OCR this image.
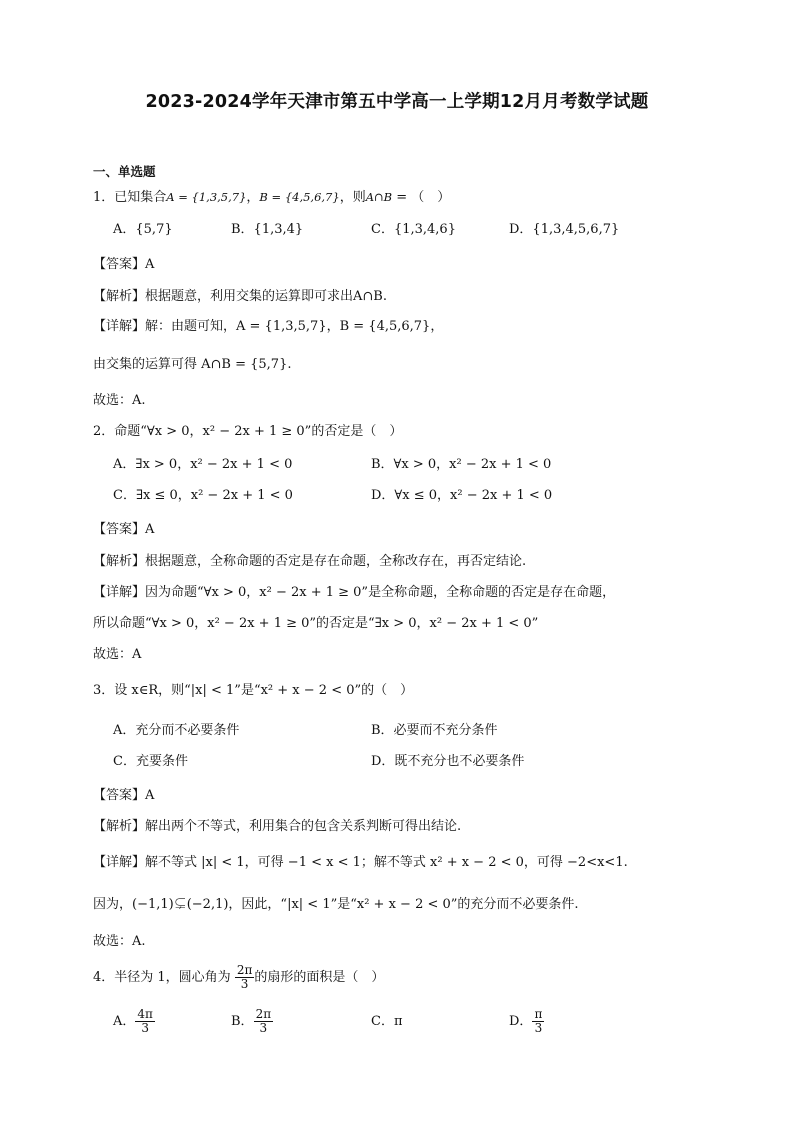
2023-2024学年天津市第五中学高一上学期12月月考数学试题
一、单选题
1．已知集合A = {1,3,5,7}，B = {4,5,6,7}，则A∩B = （　）
A．{5,7}	B．{1,3,4}	C．{1,3,4,6}	D．{1,3,4,5,6,7}
【答案】A
【解析】根据题意，利用交集的运算即可求出A∩B.
【详解】解：由题可知，A = {1,3,5,7}，B = {4,5,6,7}，
由交集的运算可得 A∩B = {5,7}.
故选：A.
2．命题“∀x > 0，x² − 2x + 1 ≥ 0”的否定是（　）
A．∃x > 0，x² − 2x + 1 < 0	B．∀x > 0，x² − 2x + 1 < 0
C．∃x ≤ 0，x² − 2x + 1 < 0	D．∀x ≤ 0，x² − 2x + 1 < 0
【答案】A
【解析】根据题意，全称命题的否定是存在命题，全称改存在，再否定结论.
【详解】因为命题“∀x > 0，x² − 2x + 1 ≥ 0”是全称命题，全称命题的否定是存在命题，
所以命题“∀x > 0，x² − 2x + 1 ≥ 0”的否定是“∃x > 0，x² − 2x + 1 < 0”
故选：A
3．设 x∈R，则“|x| < 1”是“x² + x − 2 < 0”的（　）
A．充分而不必要条件	B．必要而不充分条件
C．充要条件	D．既不充分也不必要条件
【答案】A
【解析】解出两个不等式，利用集合的包含关系判断可得出结论.
【详解】解不等式 |x| < 1，可得 −1 < x < 1；解不等式 x² + x − 2 < 0，可得 −2<x<1.
因为，(−1,1)⊊(−2,1)，因此，“|x| < 1”是“x² + x − 2 < 0”的充分而不必要条件.
故选：A.
4．半径为 1，圆心角为 $\frac{2\pi}{3}$ 的扇形的面积是（　）
A． $\frac{4\pi}{3}$	B． $\frac{2\pi}{3}$	C．π	D． $\frac{\pi}{3}$
